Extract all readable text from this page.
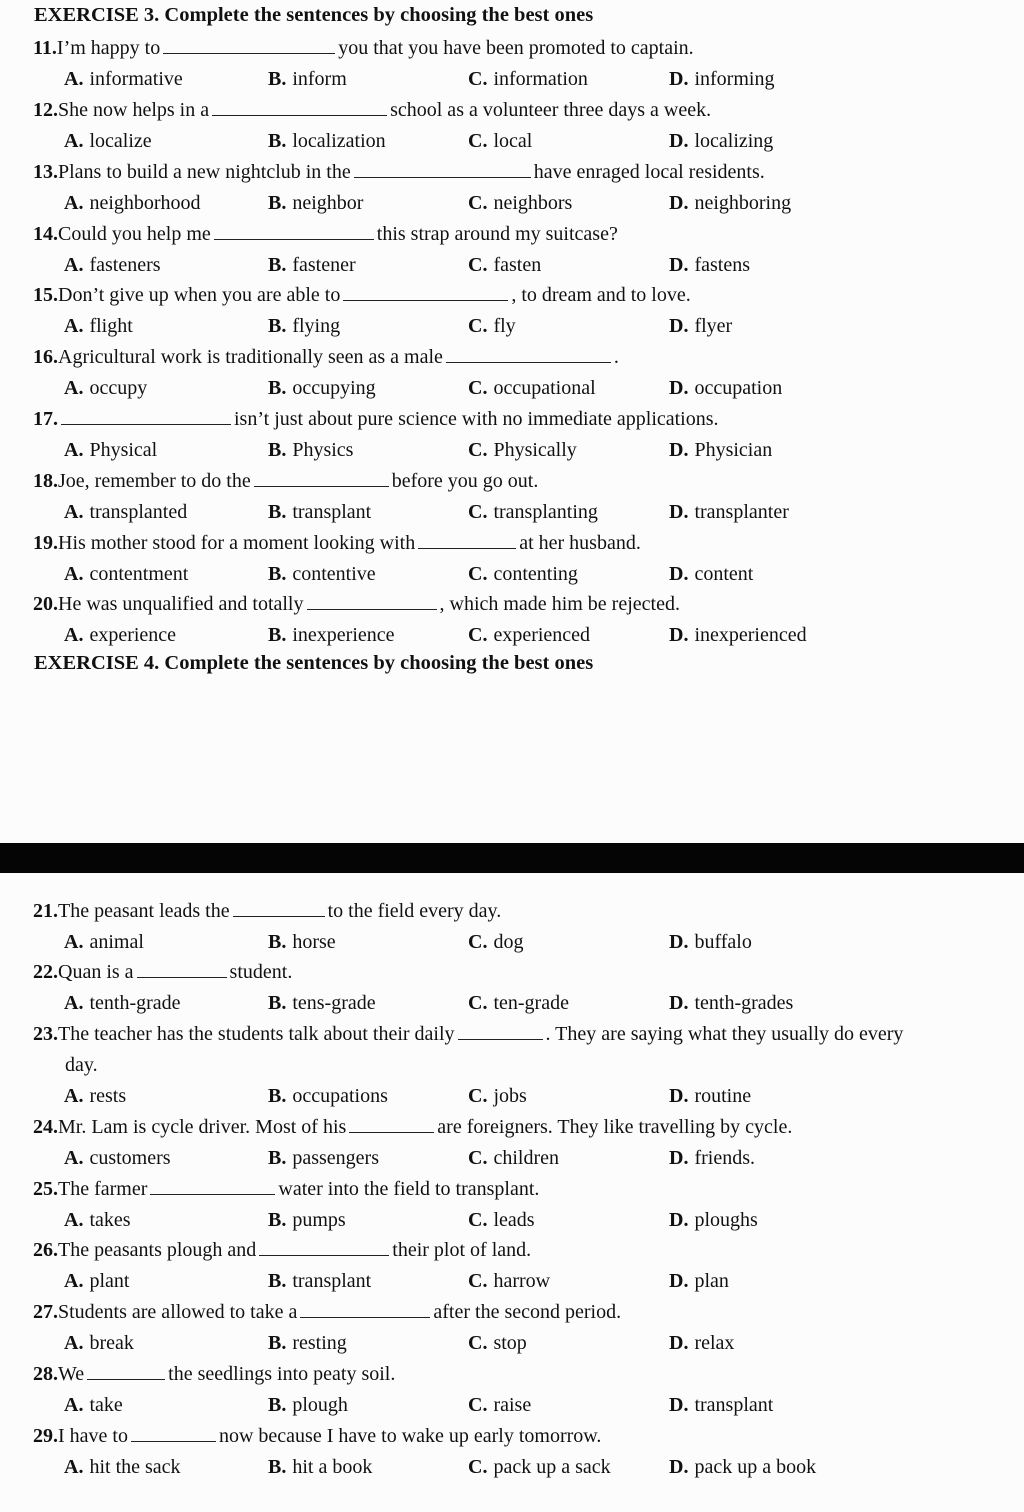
EXERCISE 3. Complete the sentences by choosing the best ones
11.I’m happy to	you that you have been promoted to captain.
A. informative	B. inform	C. information	D. informing
12.She now helps in a	school as a volunteer three days a week.
A. localize	B. localization	C. local	D. localizing
13.Plans to build a new nightclub in the	have enraged local residents.
A. neighborhood	B. neighbor	C. neighbors	D. neighboring
14.Could you help me	this strap around my suitcase?
A. fasteners	B. fastener	C. fasten	D. fastens
15.Don’t give up when you are able to	, to dream and to love.
A. flight	B. flying	C. fly	D. flyer
16.Agricultural work is traditionally seen as a male	.
A. occupy	B. occupying	C. occupational	D. occupation
17.	isn’t just about pure science with no immediate applications.
A. Physical	B. Physics	C. Physically	D. Physician
18.Joe, remember to do the	before you go out.
A. transplanted	B. transplant	C. transplanting	D. transplanter
19.His mother stood for a moment looking with	at her husband.
A. contentment	B. contentive	C. contenting	D. content
20.He was unqualified and totally	, which made him be rejected.
A. experience	B. inexperience	C. experienced	D. inexperienced
EXERCISE 4. Complete the sentences by choosing the best ones
21.The peasant leads the	to the field every day.
A. animal	B. horse	C. dog	D. buffalo
22.Quan is a	student.
A. tenth-grade	B. tens-grade	C. ten-grade	D. tenth-grades
23.The teacher has the students talk about their daily	. They are saying what they usually do every
day.
A. rests	B. occupations	C. jobs	D. routine
24.Mr. Lam is cycle driver. Most of his	are foreigners. They like travelling by cycle.
A. customers	B. passengers	C. children	D. friends.
25.The farmer	water into the field to transplant.
A. takes	B. pumps	C. leads	D. ploughs
26.The peasants plough and	their plot of land.
A. plant	B. transplant	C. harrow	D. plan
27.Students are allowed to take a	after the second period.
A. break	B. resting	C. stop	D. relax
28.We	the seedlings into peaty soil.
A. take	B. plough	C. raise	D. transplant
29.I have to	now because I have to wake up early tomorrow.
A. hit the sack	B. hit a book	C. pack up a sack	D. pack up a book
